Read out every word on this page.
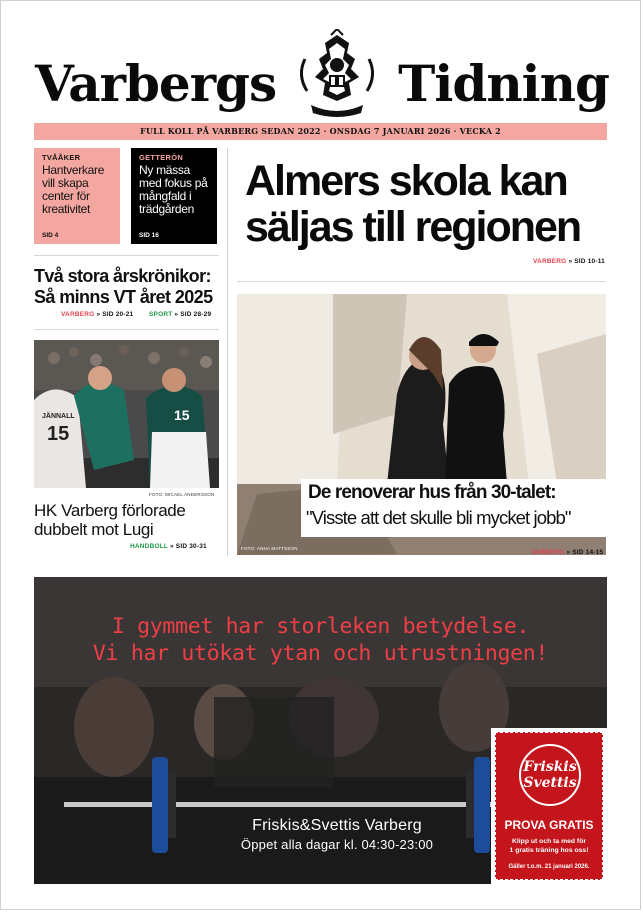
Varbergs Tidning
FULL KOLL PÅ VARBERG SEDAN 2022 · ONSDAG 7 JANUARI 2026 · VECKA 2
TVÅÅKER
Hantverkare vill skapa center för kreativitet
SID 4
GETTERÖN
Ny mässa med fokus på mångfald i trädgården
SID 16
Två stora årskrönikor:
Så minns VT året 2025
VARBERG » SID 20-21 SPORT » SID 28-29
15
JÄNNALL	15
FOTO: MICAEL ANDERSSON
HK Varberg förlorade dubbelt mot Lugi
HANDBOLL » SID 30-31
Almers skola kan säljas till regionen
VARBERG » SID 10-11
De renoverar hus från 30-talet:
"Visste att det skulle bli mycket jobb"
FOTO: ANNA MATTSSON
VARBERG » SID 14-15
I gymmet har storleken betydelse.
Vi har utökat ytan och utrustningen!
Friskis&Svettis Varberg
Öppet alla dagar kl. 04:30-23:00
Friskis
Svettis
PROVA GRATIS
Klipp ut och ta med för
1 gratis träning hos oss!
Gäller t.o.m. 21 januari 2026.
